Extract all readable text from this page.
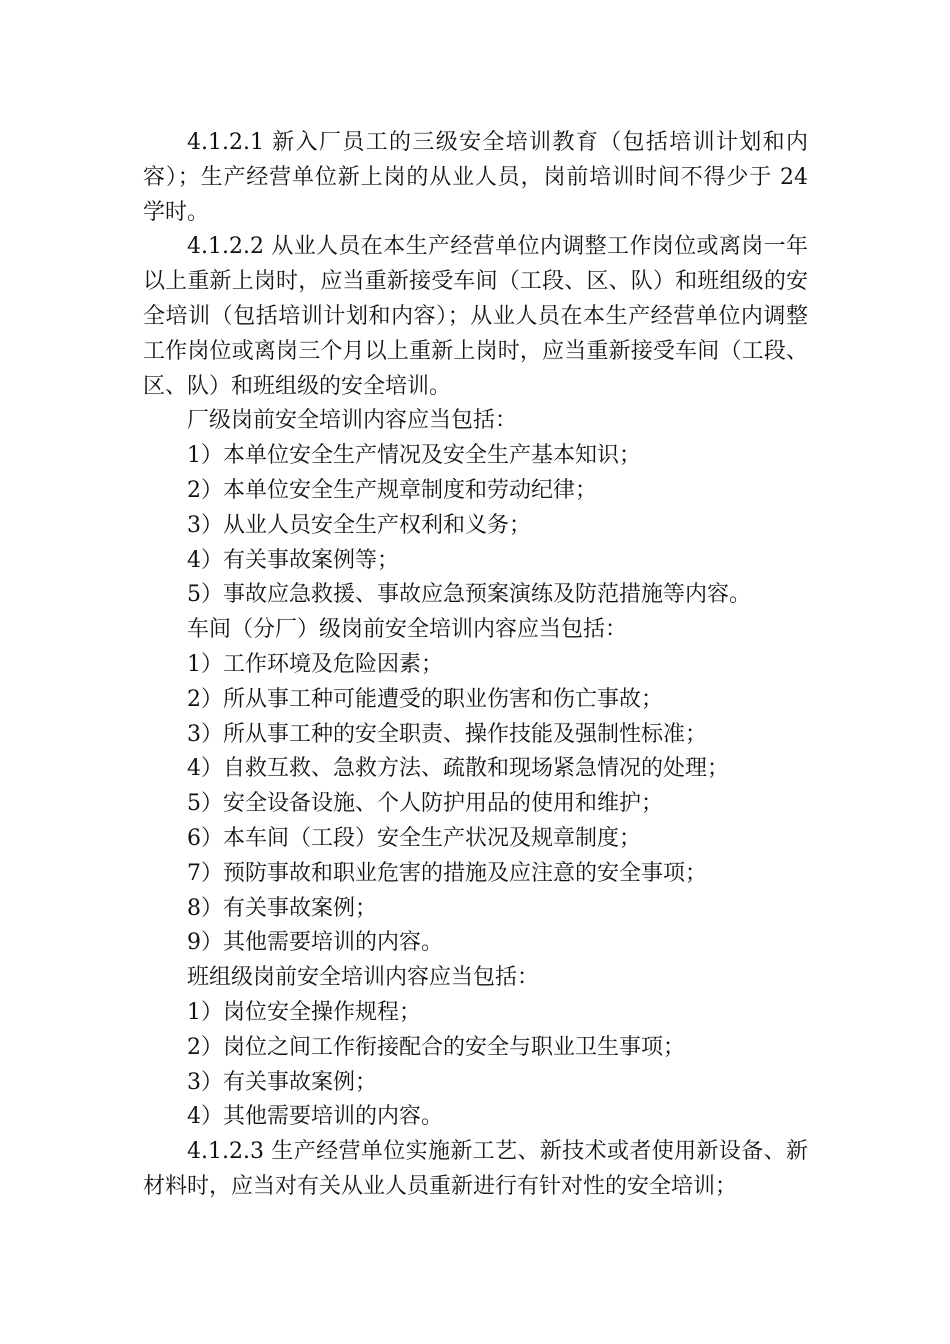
4.1.2.1 新入厂员工的三级安全培训教育（包括培训计划和内容）；生产经营单位新上岗的从业人员，岗前培训时间不得少于 24 学时。

4.1.2.2 从业人员在本生产经营单位内调整工作岗位或离岗一年以上重新上岗时，应当重新接受车间（工段、区、队）和班组级的安全培训（包括培训计划和内容）；从业人员在本生产经营单位内调整工作岗位或离岗三个月以上重新上岗时，应当重新接受车间（工段、区、队）和班组级的安全培训。

厂级岗前安全培训内容应当包括：

1）本单位安全生产情况及安全生产基本知识；

2）本单位安全生产规章制度和劳动纪律；

3）从业人员安全生产权利和义务；

4）有关事故案例等；

5）事故应急救援、事故应急预案演练及防范措施等内容。

车间（分厂）级岗前安全培训内容应当包括：

1）工作环境及危险因素；

2）所从事工种可能遭受的职业伤害和伤亡事故；

3）所从事工种的安全职责、操作技能及强制性标准；

4）自救互救、急救方法、疏散和现场紧急情况的处理；

5）安全设备设施、个人防护用品的使用和维护；

6）本车间（工段）安全生产状况及规章制度；

7）预防事故和职业危害的措施及应注意的安全事项；

8）有关事故案例；

9）其他需要培训的内容。

班组级岗前安全培训内容应当包括：

1）岗位安全操作规程；

2）岗位之间工作衔接配合的安全与职业卫生事项；

3）有关事故案例；

4）其他需要培训的内容。

4.1.2.3 生产经营单位实施新工艺、新技术或者使用新设备、新材料时，应当对有关从业人员重新进行有针对性的安全培训；
